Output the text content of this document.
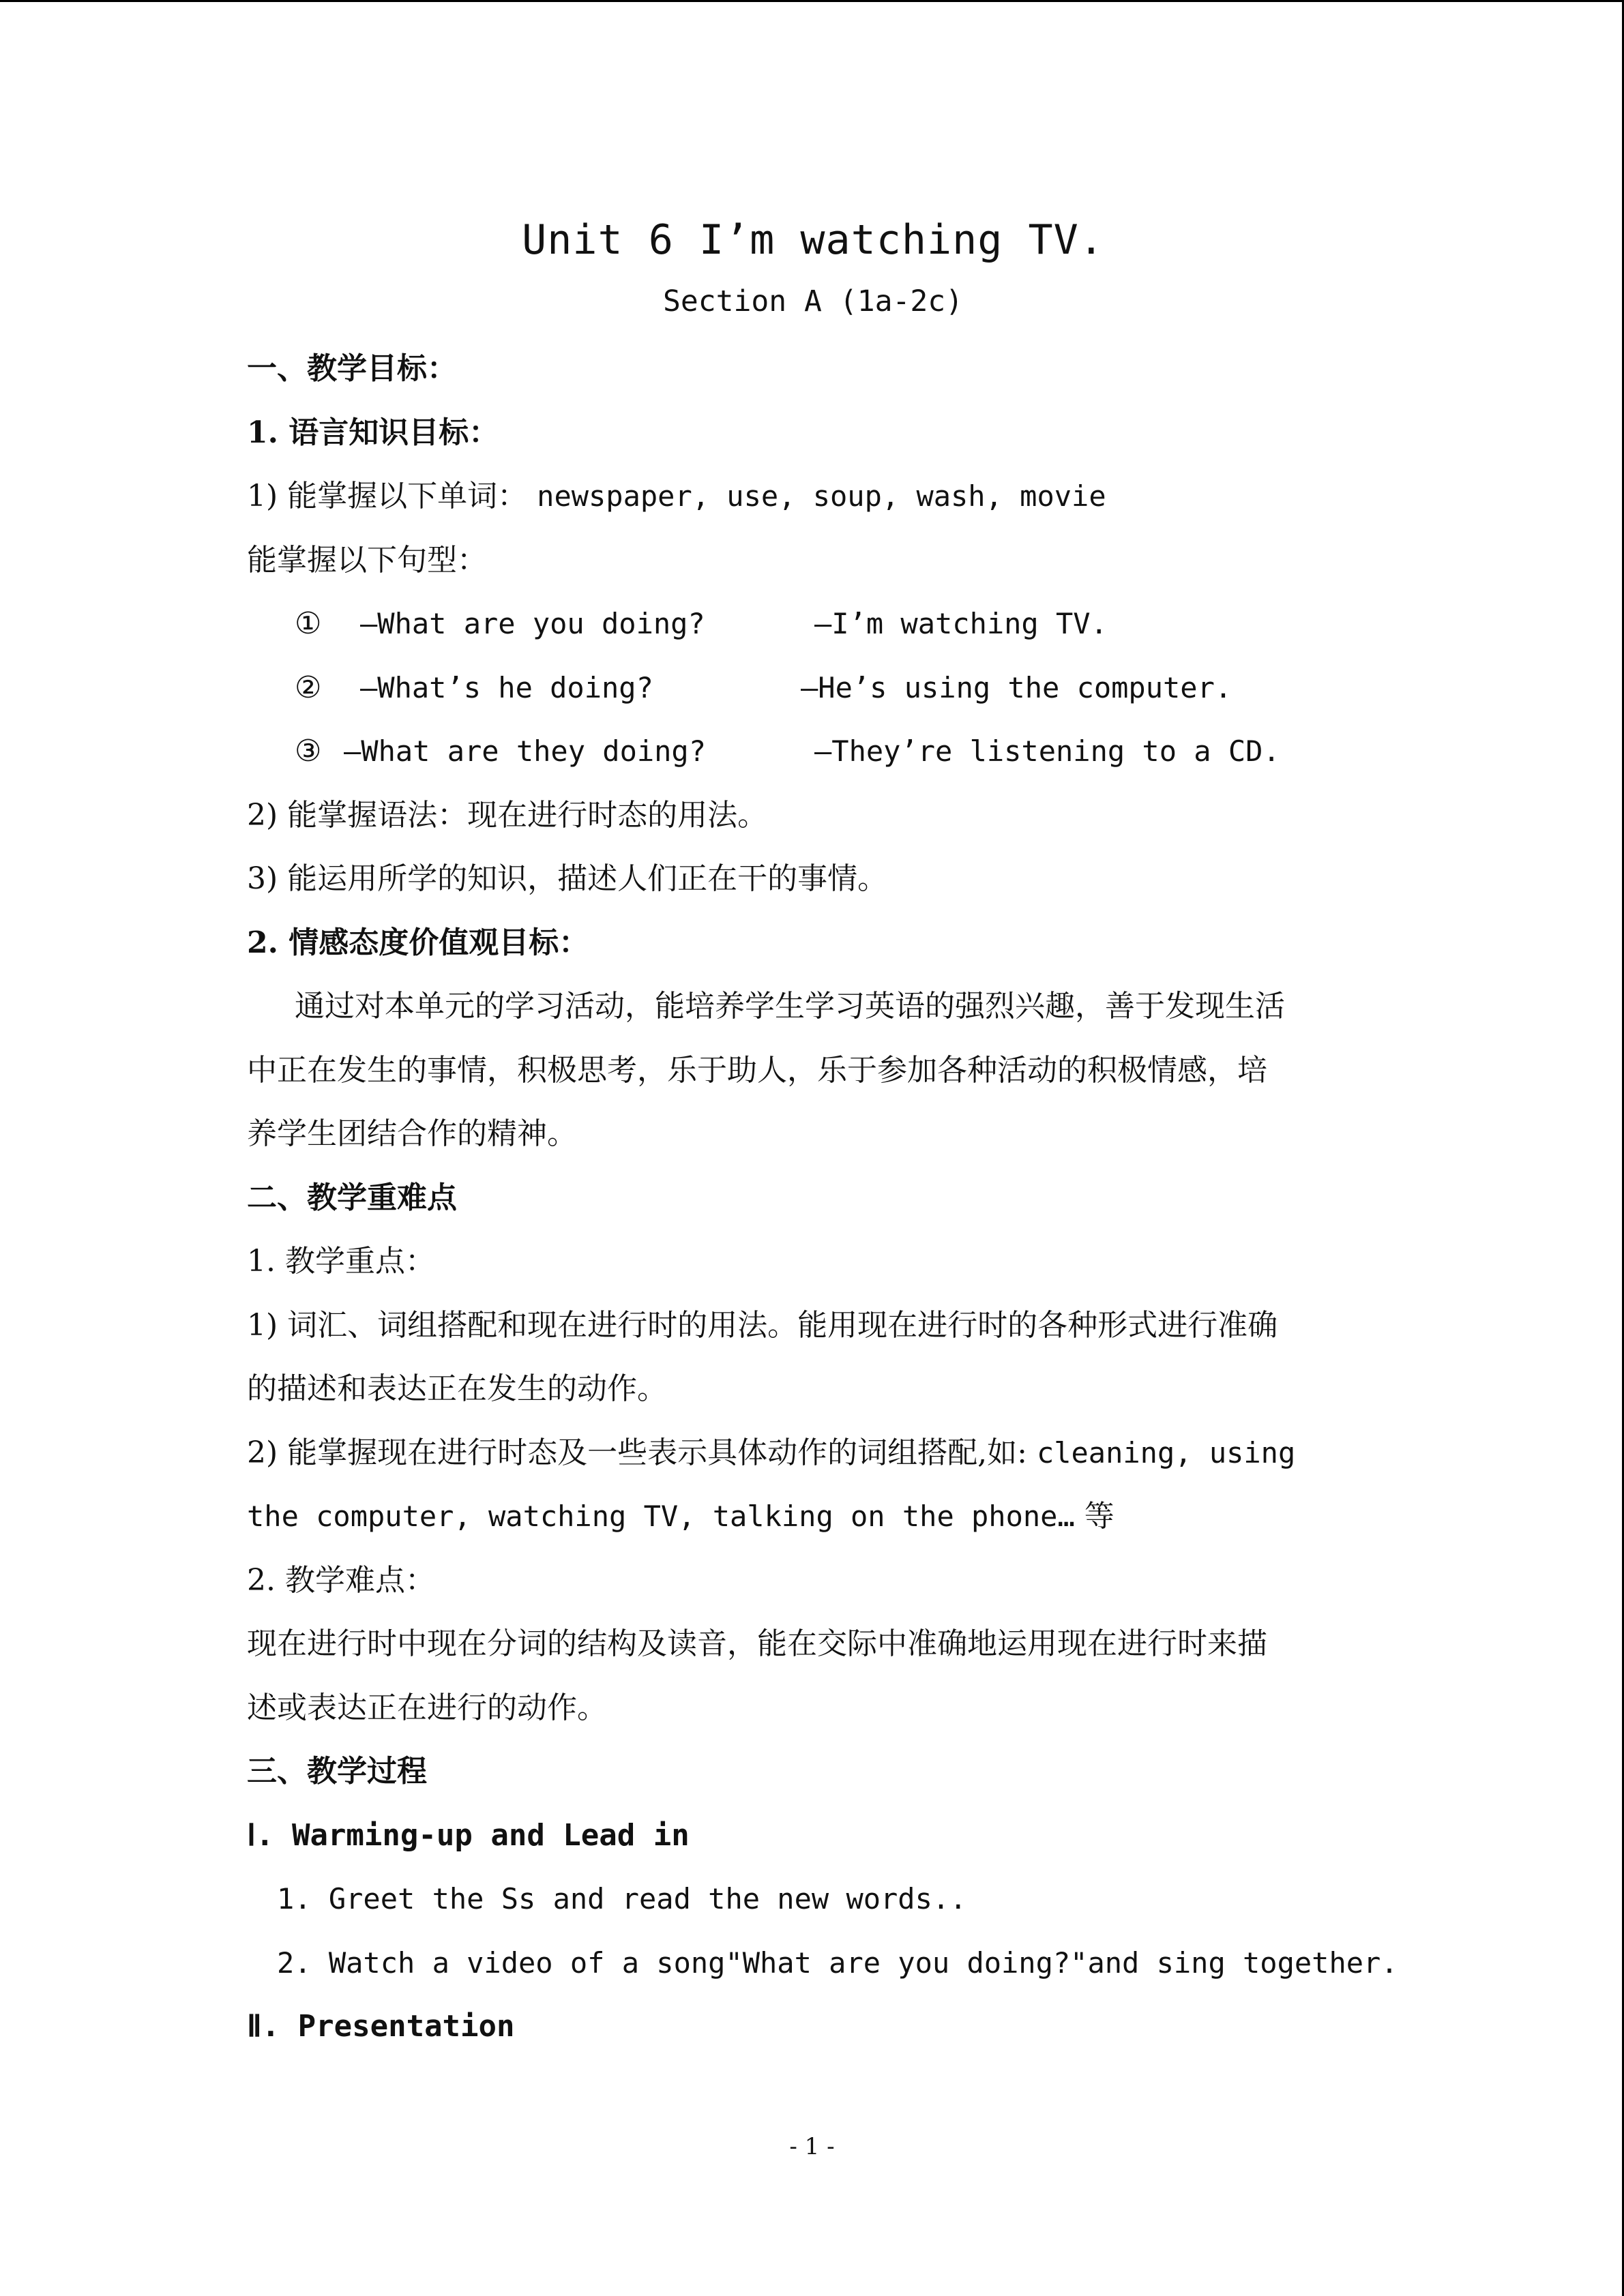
Unit 6 I’m watching TV.
Section A (1a-2c)
一、教学目标：
1. 语言知识目标：
1) 能掌握以下单词： newspaper, use, soup, wash, movie
能掌握以下句型：
①	—What are you doing?	—I’m watching TV.
②	—What’s he doing?	—He’s using the computer.
③ —What are they doing?	—They’re listening to a CD.
2) 能掌握语法：现在进行时态的用法。
3) 能运用所学的知识，描述人们正在干的事情。
2. 情感态度价值观目标：
通过对本单元的学习活动，能培养学生学习英语的强烈兴趣，善于发现生活
中正在发生的事情，积极思考，乐于助人，乐于参加各种活动的积极情感，培
养学生团结合作的精神。
二、教学重难点
1. 教学重点：
1) 词汇、词组搭配和现在进行时的用法。能用现在进行时的各种形式进行准确
的描述和表达正在发生的动作。
2) 能掌握现在进行时态及一些表示具体动作的词组搭配,如: cleaning, using
the computer, watching TV, talking on the phone… 等
2. 教学难点：
现在进行时中现在分词的结构及读音，能在交际中准确地运用现在进行时来描
述或表达正在进行的动作。
三、教学过程
Ⅰ. Warming-up and Lead in
1. Greet the Ss and read the new words..
2. Watch a video of a song"What are you doing?"and sing together.
Ⅱ. Presentation
- 1 -
